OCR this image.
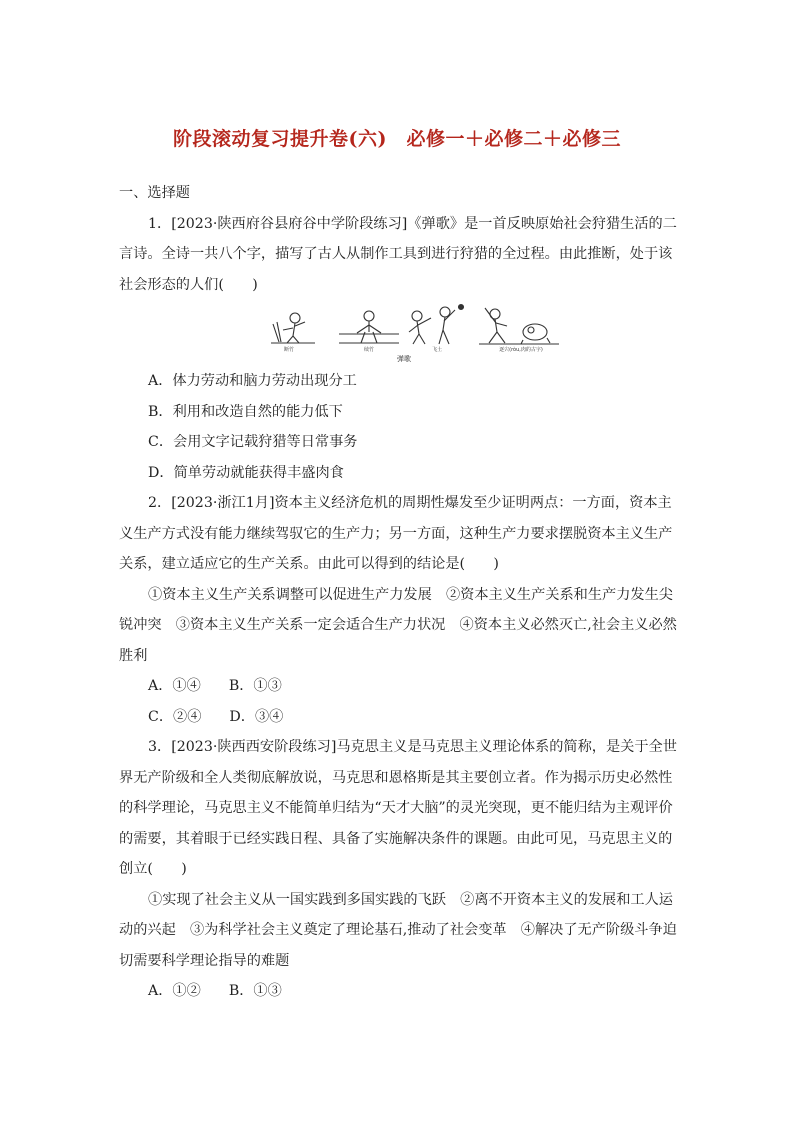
阶段滚动复习提升卷(六)　必修一＋必修二＋必修三

一、选择题

1．[2023·陕西府谷县府谷中学阶段练习]《弹歌》是一首反映原始社会狩猎生活的二言诗。全诗一共八个字，描写了古人从制作工具到进行狩猎的全过程。由此推断，处于该社会形态的人们(　　)

断竹	续竹	飞土	逐宍(ròu,肉的古字)
弹歌

A．体力劳动和脑力劳动出现分工

B．利用和改造自然的能力低下

C．会用文字记载狩猎等日常事务

D．简单劳动就能获得丰盛肉食

2．[2023·浙江1月]资本主义经济危机的周期性爆发至少证明两点：一方面，资本主义生产方式没有能力继续驾驭它的生产力；另一方面，这种生产力要求摆脱资本主义生产关系，建立适应它的生产关系。由此可以得到的结论是(　　)

①资本主义生产关系调整可以促进生产力发展　②资本主义生产关系和生产力发生尖锐冲突　③资本主义生产关系一定会适合生产力状况　④资本主义必然灭亡,社会主义必然胜利

A．①④ B．①③

C．②④ D．③④

3．[2023·陕西西安阶段练习]马克思主义是马克思主义理论体系的简称，是关于全世界无产阶级和全人类彻底解放说，马克思和恩格斯是其主要创立者。作为揭示历史必然性的科学理论，马克思主义不能简单归结为“天才大脑”的灵光突现，更不能归结为主观评价的需要，其着眼于已经实践日程、具备了实施解决条件的课题。由此可见，马克思主义的创立(　　)

①实现了社会主义从一国实践到多国实践的飞跃　②离不开资本主义的发展和工人运动的兴起　③为科学社会主义奠定了理论基石,推动了社会变革　④解决了无产阶级斗争迫切需要科学理论指导的难题

A．①② B．①③
